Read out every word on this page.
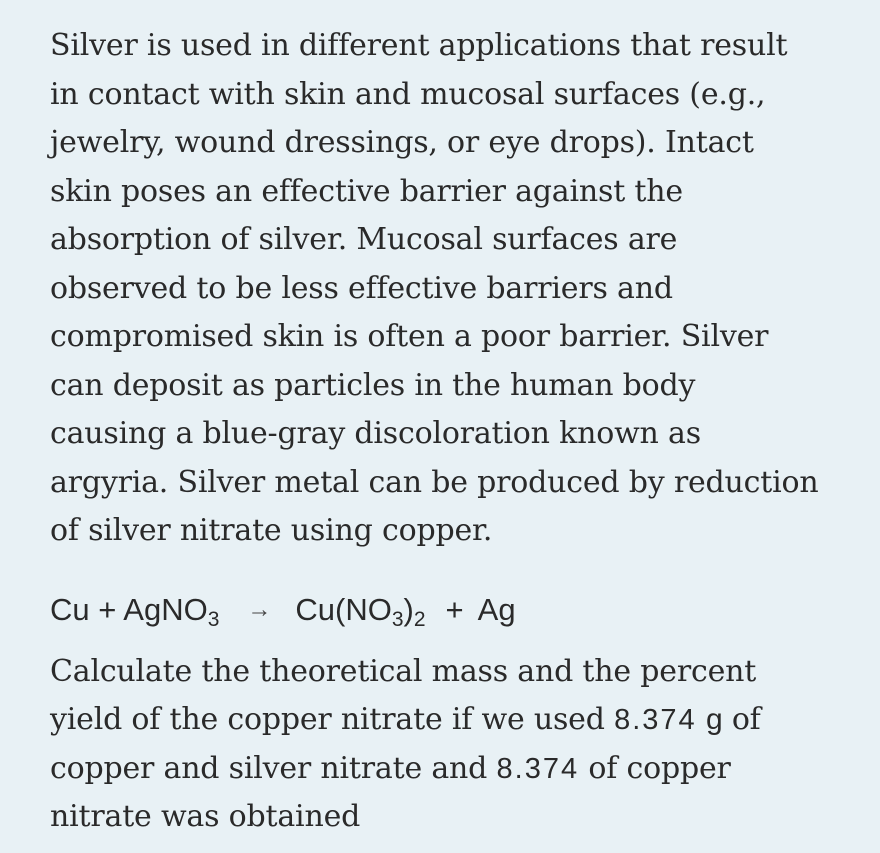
Silver is used in different applications that result
in contact with skin and mucosal surfaces (e.g.,
jewelry, wound dressings, or eye drops). Intact
skin poses an effective barrier against the
absorption of silver. Mucosal surfaces are
observed to be less effective barriers and
compromised skin is often a poor barrier. Silver
can deposit as particles in the human body
causing a blue-gray discoloration known as
argyria. Silver metal can be produced by reduction
of silver nitrate using copper.

Cu + AgNO$_3$ → $Cu(NO_3)_2 + Ag$

Calculate the theoretical mass and the percent
yield of the copper nitrate if we used 8.374 g of
copper and silver nitrate and 8.374 of copper
nitrate was obtained
